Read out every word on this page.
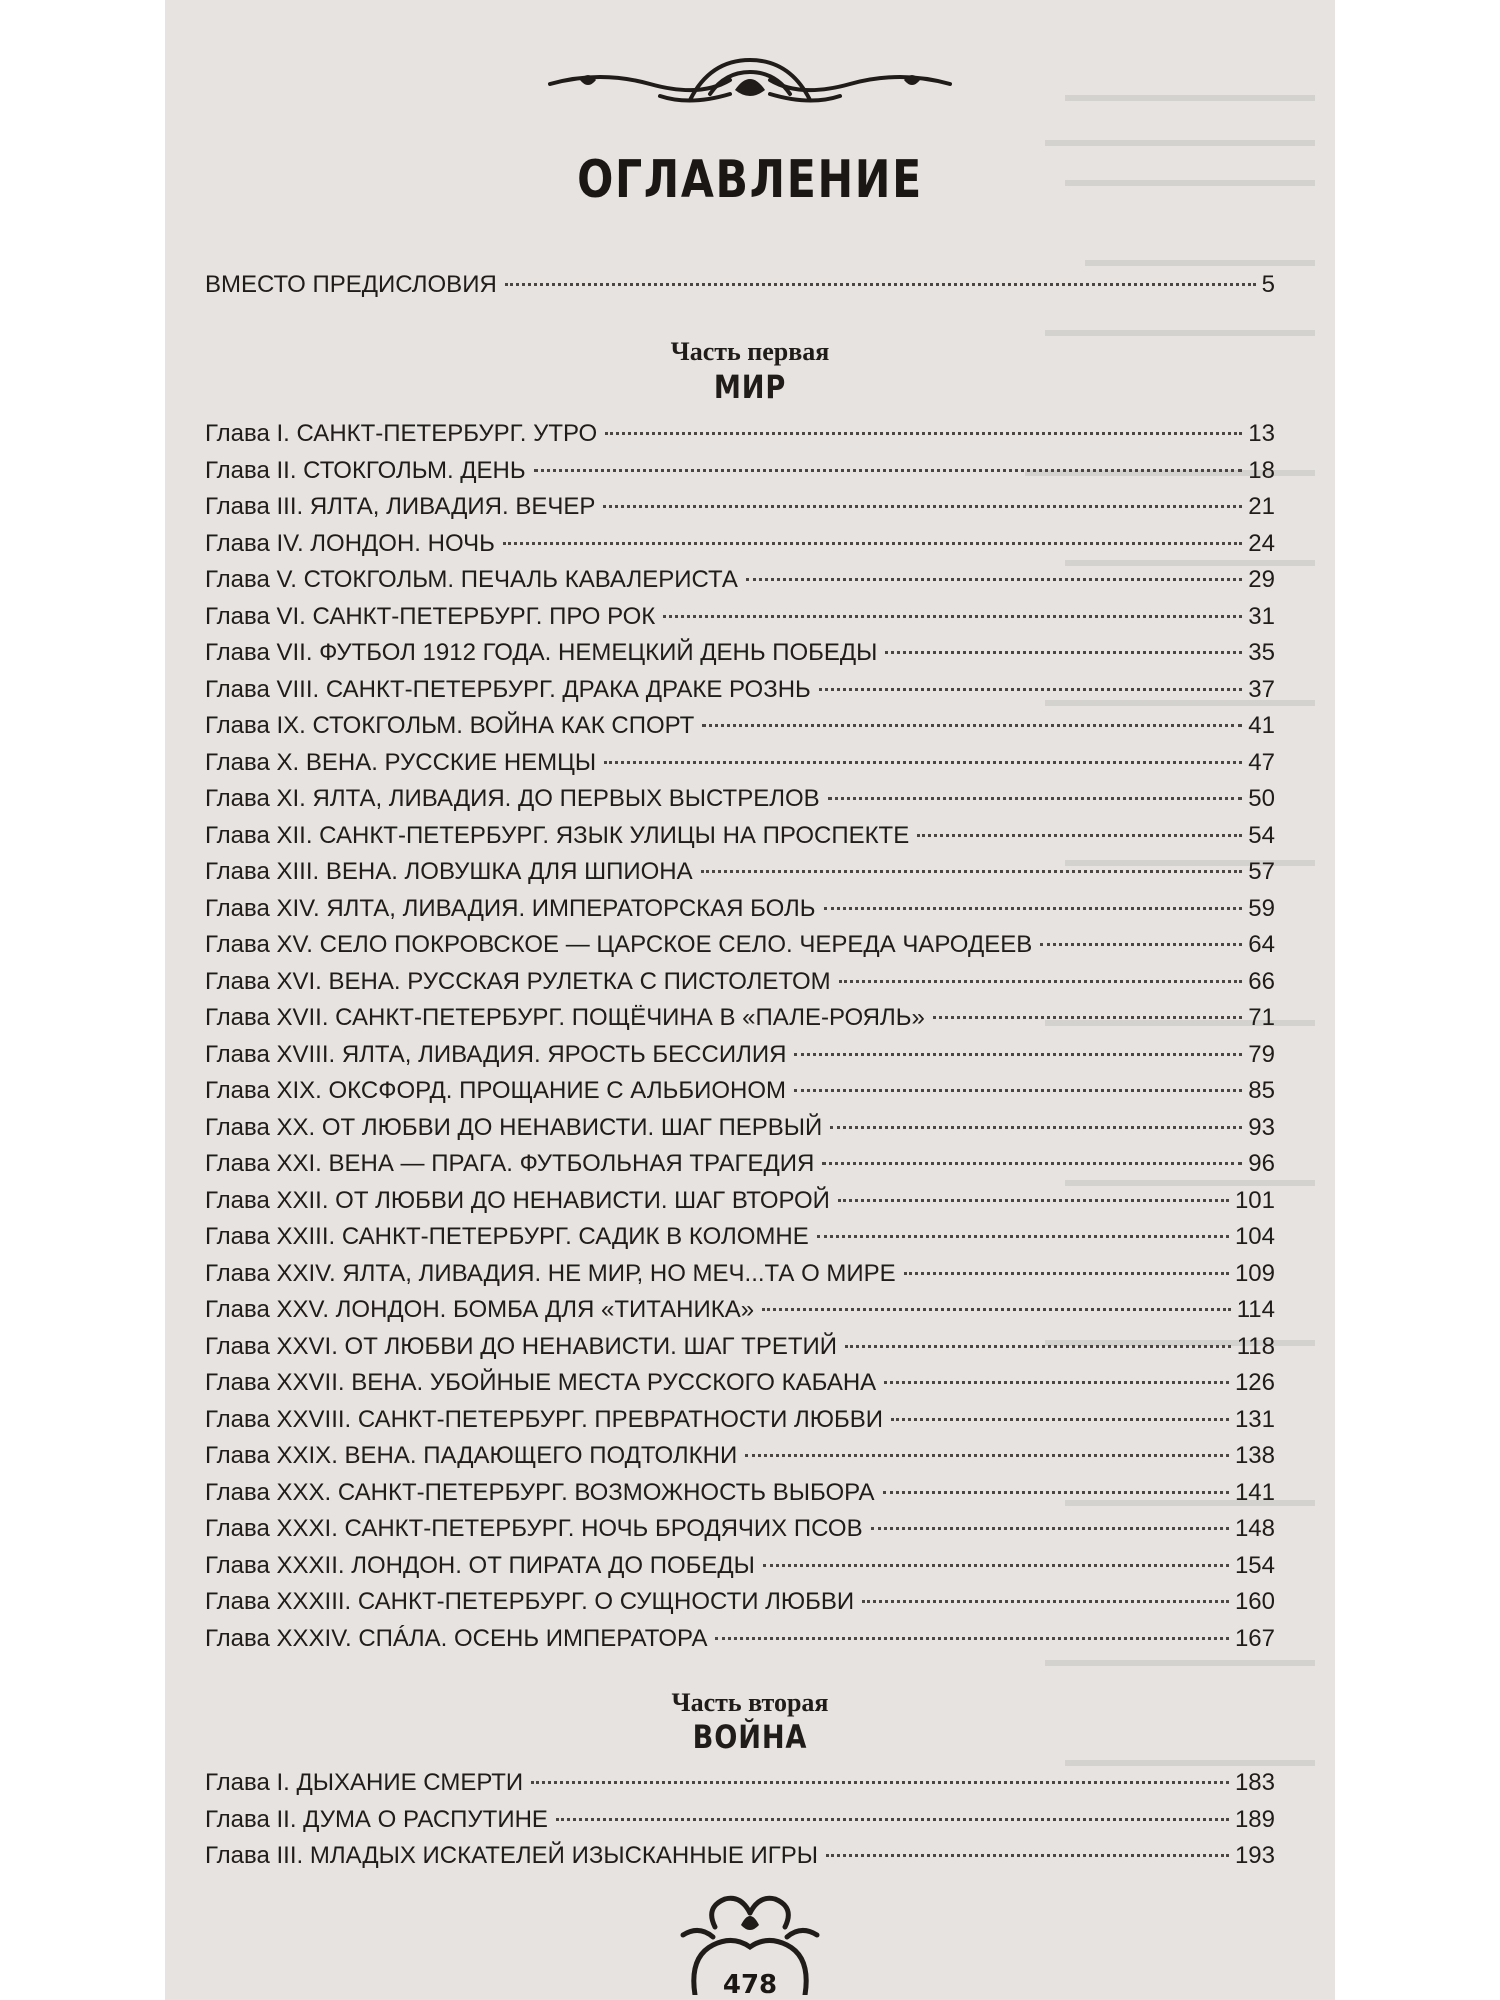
ОГЛАВЛЕНИЕ
ВМЕСТО ПРЕДИСЛОВИЯ	5
Часть первая
МИР
Глава I. САНКТ-ПЕТЕРБУРГ. УТРО	13
Глава II. СТОКГОЛЬМ. ДЕНЬ	18
Глава III. ЯЛТА, ЛИВАДИЯ. ВЕЧЕР	21
Глава IV. ЛОНДОН. НОЧЬ	24
Глава V. СТОКГОЛЬМ. ПЕЧАЛЬ КАВАЛЕРИСТА	29
Глава VI. САНКТ-ПЕТЕРБУРГ. ПРО РОК	31
Глава VII. ФУТБОЛ 1912 ГОДА. НЕМЕЦКИЙ ДЕНЬ ПОБЕДЫ	35
Глава VIII. САНКТ-ПЕТЕРБУРГ. ДРАКА ДРАКЕ РОЗНЬ	37
Глава IX. СТОКГОЛЬМ. ВОЙНА КАК СПОРТ	41
Глава X. ВЕНА. РУССКИЕ НЕМЦЫ	47
Глава XI. ЯЛТА, ЛИВАДИЯ. ДО ПЕРВЫХ ВЫСТРЕЛОВ	50
Глава XII. САНКТ-ПЕТЕРБУРГ. ЯЗЫК УЛИЦЫ НА ПРОСПЕКТЕ	54
Глава XIII. ВЕНА. ЛОВУШКА ДЛЯ ШПИОНА	57
Глава XIV. ЯЛТА, ЛИВАДИЯ. ИМПЕРАТОРСКАЯ БОЛЬ	59
Глава XV. СЕЛО ПОКРОВСКОЕ — ЦАРСКОЕ СЕЛО. ЧЕРЕДА ЧАРОДЕЕВ	64
Глава XVI. ВЕНА. РУССКАЯ РУЛЕТКА С ПИСТОЛЕТОМ	66
Глава XVII. САНКТ-ПЕТЕРБУРГ. ПОЩЁЧИНА В «ПАЛЕ-РОЯЛЬ»	71
Глава XVIII. ЯЛТА, ЛИВАДИЯ. ЯРОСТЬ БЕССИЛИЯ	79
Глава XIX. ОКСФОРД. ПРОЩАНИЕ С АЛЬБИОНОМ	85
Глава XX. ОТ ЛЮБВИ ДО НЕНАВИСТИ. ШАГ ПЕРВЫЙ	93
Глава XXI. ВЕНА — ПРАГА. ФУТБОЛЬНАЯ ТРАГЕДИЯ	96
Глава XXII. ОТ ЛЮБВИ ДО НЕНАВИСТИ. ШАГ ВТОРОЙ	101
Глава XXIII. САНКТ-ПЕТЕРБУРГ. САДИК В КОЛОМНЕ	104
Глава XXIV. ЯЛТА, ЛИВАДИЯ. НЕ МИР, НО МЕЧ...ТА О МИРЕ	109
Глава XXV. ЛОНДОН. БОМБА ДЛЯ «ТИТАНИКА»	114
Глава XXVI. ОТ ЛЮБВИ ДО НЕНАВИСТИ. ШАГ ТРЕТИЙ	118
Глава XXVII. ВЕНА. УБОЙНЫЕ МЕСТА РУССКОГО КАБАНА	126
Глава XXVIII. САНКТ-ПЕТЕРБУРГ. ПРЕВРАТНОСТИ ЛЮБВИ	131
Глава XXIX. ВЕНА. ПАДАЮЩЕГО ПОДТОЛКНИ	138
Глава XXX. САНКТ-ПЕТЕРБУРГ. ВОЗМОЖНОСТЬ ВЫБОРА	141
Глава XXXI. САНКТ-ПЕТЕРБУРГ. НОЧЬ БРОДЯЧИХ ПСОВ	148
Глава XXXII. ЛОНДОН. ОТ ПИРАТА ДО ПОБЕДЫ	154
Глава XXXIII. САНКТ-ПЕТЕРБУРГ. О СУЩНОСТИ ЛЮБВИ	160
Глава XXXIV. СПÁЛА. ОСЕНЬ ИМПЕРАТОРА	167
Часть вторая
ВОЙНА
Глава I. ДЫХАНИЕ СМЕРТИ	183
Глава II. ДУМА О РАСПУТИНЕ	189
Глава III. МЛАДЫХ ИСКАТЕЛЕЙ ИЗЫСКАННЫЕ ИГРЫ	193
478
